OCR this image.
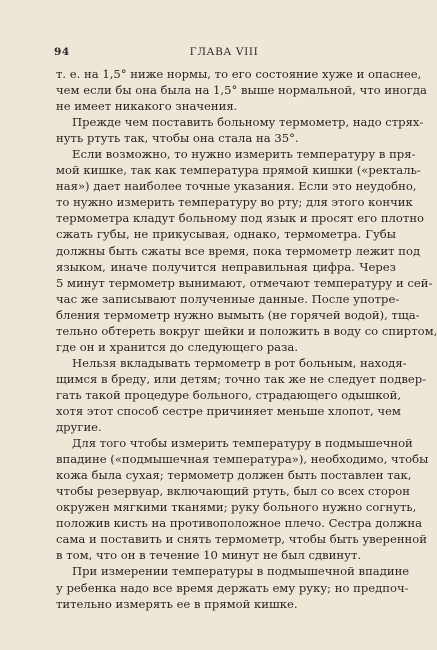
94	ГЛАВА VIII
т. е. на 1,5° ниже нормы, то его состояние хуже и опаснее,
чем если бы она была на 1,5° выше нормальной, что иногда
не имеет никакого значения.
Прежде чем поставить больному термометр, надо стрях-
нуть ртуть так, чтобы она стала на 35°.
Если возможно, то нужно измерить температуру в пря-
мой кишке, так как температура прямой кишки («ректаль-
ная») дает наиболее точные указания. Если это неудобно,
то нужно измерить температуру во рту; для этого кончик
термометра кладут больному под язык и просят его плотно
сжать губы, не прикусывая, однако, термометра. Губы
должны быть сжаты все время, пока термометр лежит под
языком, иначе получится неправильная цифра. Через
5 минут термометр вынимают, отмечают температуру и сей-
час же записывают полученные данные. После употре-
бления термометр нужно вымыть (не горячей водой), тща-
тельно обтереть вокруг шейки и положить в воду со спиртом,
где он и хранится до следующего раза.
Нельзя вкладывать термометр в рот больным, находя-
щимся в бреду, или детям; точно так же не следует подвер-
гать такой процедуре больного, страдающего одышкой,
хотя этот способ сестре причиняет меньше хлопот, чем
другие.
Для того чтобы измерить температуру в подмышечной
впадине («подмышечная температура»), необходимо, чтобы
кожа была сухая; термометр должен быть поставлен так,
чтобы резервуар, включающий ртуть, был со всех сторон
окружен мягкими тканями; руку больного нужно согнуть,
положив кисть на противоположное плечо. Сестра должна
сама и поставить и снять термометр, чтобы быть уверенной
в том, что он в течение 10 минут не был сдвинут.
При измерении температуры в подмышечной впадине
у ребенка надо все время держать ему руку; но предпоч-
тительно измерять ее в прямой кишке.
